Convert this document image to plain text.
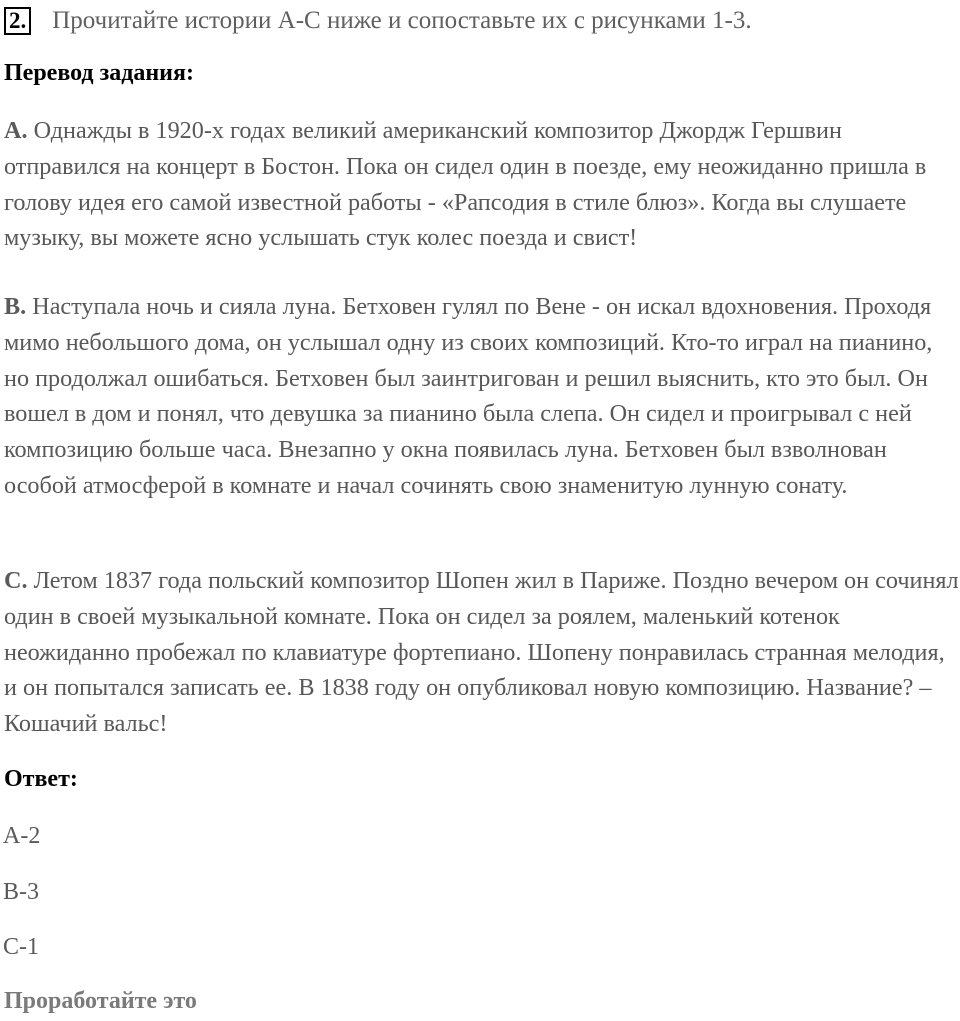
2. Прочитайте истории А-С ниже и сопоставьте их с рисунками 1-3.
Перевод задания:

A. Однажды в 1920-х годах великий американский композитор Джордж Гершвин отправился на концерт в Бостон. Пока он сидел один в поезде, ему неожиданно пришла в голову идея его самой известной работы - «Рапсодия в стиле блюз». Когда вы слушаете музыку, вы можете ясно услышать стук колес поезда и свист!

B. Наступала ночь и сияла луна. Бетховен гулял по Вене - он искал вдохновения. Проходя мимо небольшого дома, он услышал одну из своих композиций. Кто-то играл на пианино, но продолжал ошибаться. Бетховен был заинтригован и решил выяснить, кто это был. Он вошел в дом и понял, что девушка за пианино была слепа. Он сидел и проигрывал с ней композицию больше часа. Внезапно у окна появилась луна. Бетховен был взволнован особой атмосферой в комнате и начал сочинять свою знаменитую лунную сонату.

C. Летом 1837 года польский композитор Шопен жил в Париже. Поздно вечером он сочинял один в своей музыкальной комнате. Пока он сидел за роялем, маленький котенок неожиданно пробежал по клавиатуре фортепиано. Шопену понравилась странная мелодия, и он попытался записать ее. В 1838 году он опубликовал новую композицию. Название? – Кошачий вальс!

Ответ:
A-2
B-3
C-1
Проработайте это
